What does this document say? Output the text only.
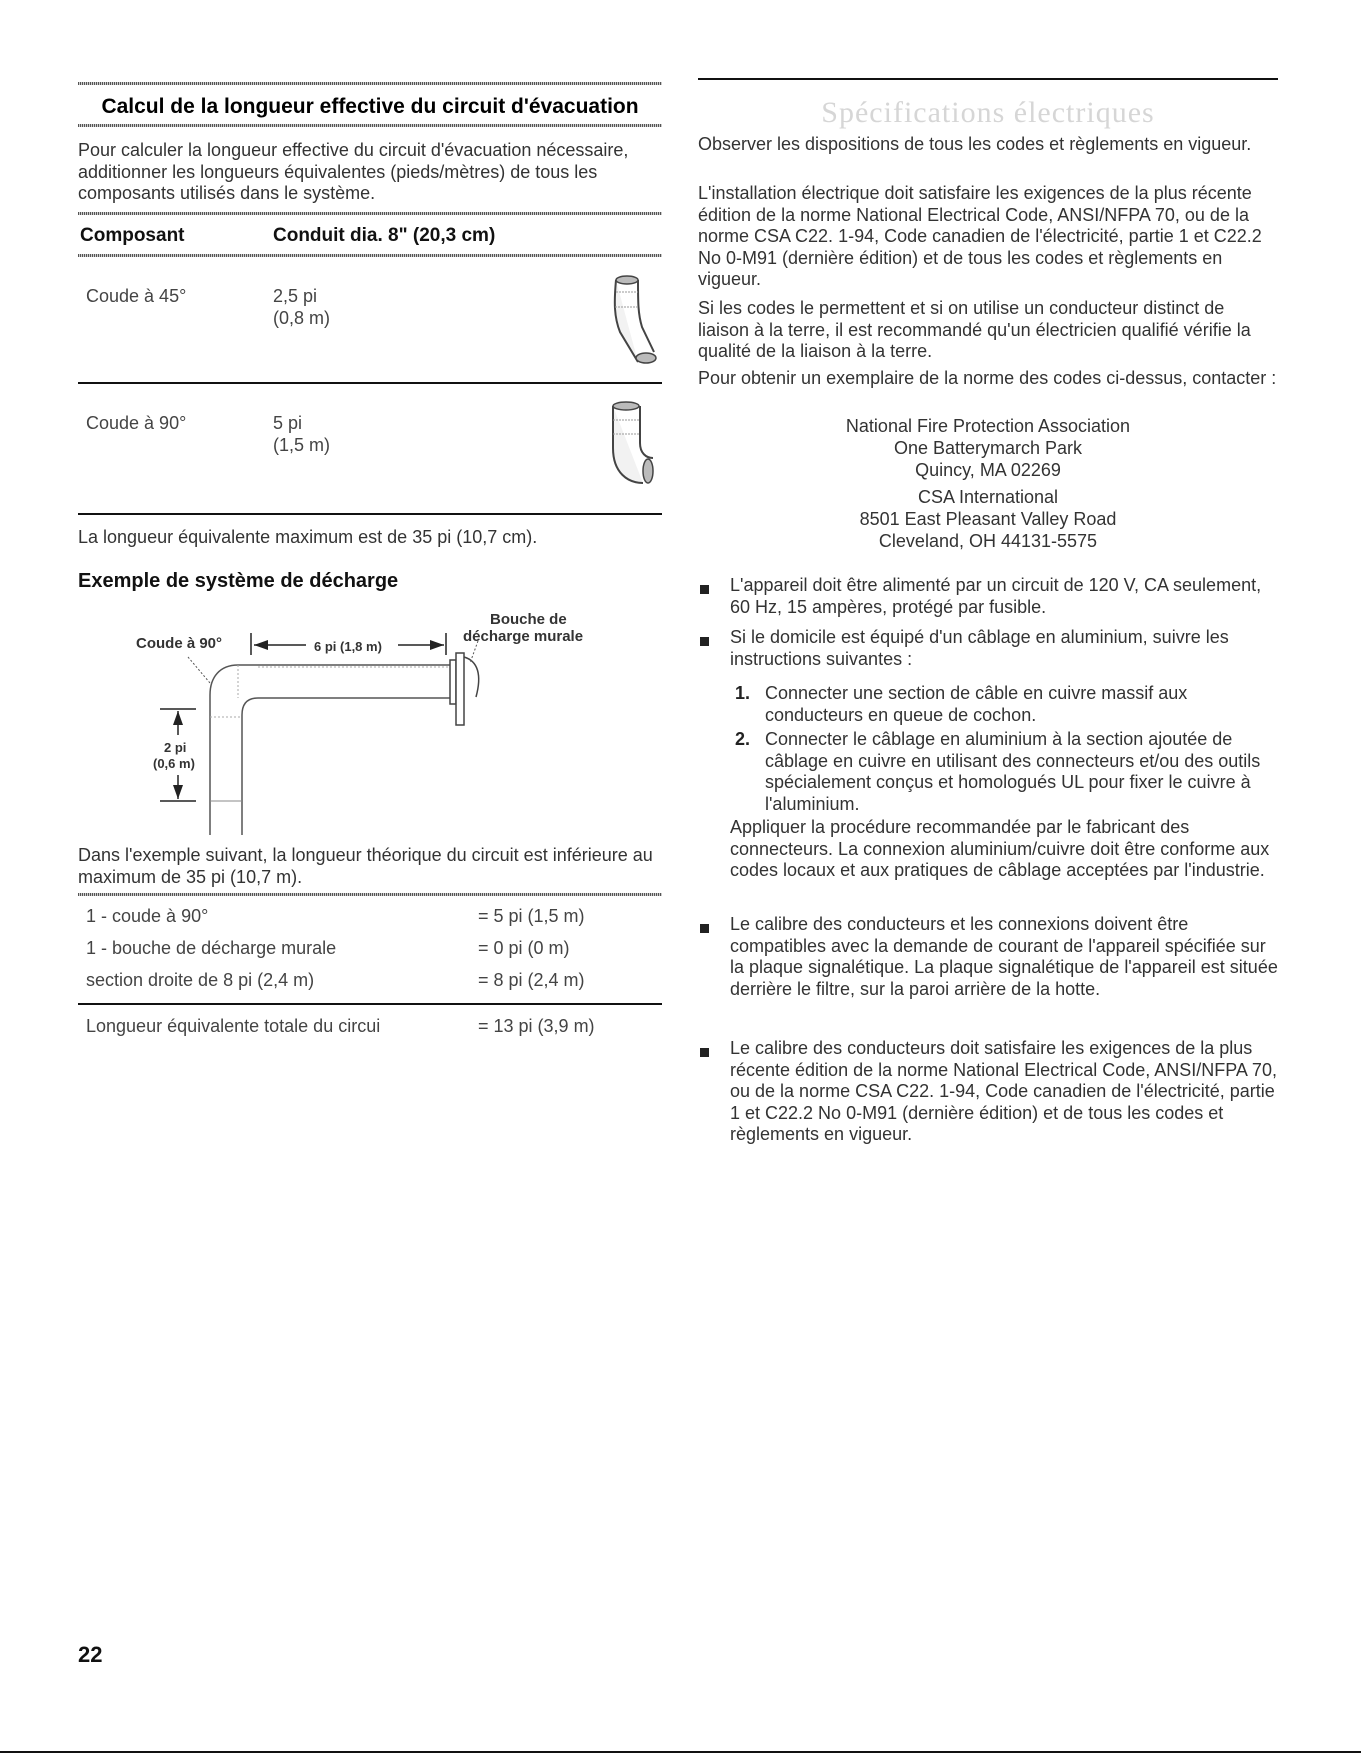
Calcul de la longueur effective du circuit d'évacuation
Pour calculer la longueur effective du circuit d'évacuation nécessaire, additionner les longueurs équivalentes (pieds/mètres) de tous les composants utilisés dans le système.
Composant	Conduit dia. 8" (20,3 cm)
Coude à 45°	2,5 pi
(0,8 m)
Coude à 90°	5 pi
(1,5 m)
La longueur équivalente maximum est de 35 pi (10,7 cm).
Exemple de système de décharge
Coude à 90°	6 pi (1,8 m)
Bouche de
décharge murale
2 pi
(0,6 m)
Dans l'exemple suivant, la longueur théorique du circuit est inférieure au maximum de 35 pi (10,7 m).
1 - coude à 90°	= 5 pi (1,5 m)
1 - bouche de décharge murale	= 0 pi (0 m)
section droite de 8 pi (2,4 m)	= 8 pi (2,4 m)
Longueur équivalente totale du circui	= 13 pi (3,9 m)
Spécifications électriques
Observer les dispositions de tous les codes et règlements en vigueur.
L'installation électrique doit satisfaire les exigences de la plus récente édition de la norme National Electrical Code, ANSI/NFPA 70, ou de la norme CSA C22. 1-94, Code canadien de l'électricité, partie 1 et C22.2 No 0-M91 (dernière édition) et de tous les codes et règlements en vigueur.
Si les codes le permettent et si on utilise un conducteur distinct de liaison à la terre, il est recommandé qu'un électricien qualifié vérifie la qualité de la liaison à la terre.
Pour obtenir un exemplaire de la norme des codes ci-dessus, contacter :
National Fire Protection Association
One Batterymarch Park
Quincy, MA 02269
CSA International
8501 East Pleasant Valley Road
Cleveland, OH 44131-5575
L'appareil doit être alimenté par un circuit de 120 V, CA seulement, 60 Hz, 15 ampères, protégé par fusible.
Si le domicile est équipé d'un câblage en aluminium, suivre les instructions suivantes :
1. Connecter une section de câble en cuivre massif aux conducteurs en queue de cochon.
2. Connecter le câblage en aluminium à la section ajoutée de câblage en cuivre en utilisant des connecteurs et/ou des outils spécialement conçus et homologués UL pour fixer le cuivre à l'aluminium.
Appliquer la procédure recommandée par le fabricant des connecteurs. La connexion aluminium/cuivre doit être conforme aux codes locaux et aux pratiques de câblage acceptées par l'industrie.
Le calibre des conducteurs et les connexions doivent être compatibles avec la demande de courant de l'appareil spécifiée sur la plaque signalétique. La plaque signalétique de l'appareil est située derrière le filtre, sur la paroi arrière de la hotte.
Le calibre des conducteurs doit satisfaire les exigences de la plus récente édition de la norme National Electrical Code, ANSI/NFPA 70, ou de la norme CSA C22. 1-94, Code canadien de l'électricité, partie 1 et C22.2 No 0-M91 (dernière édition) et de tous les codes et règlements en vigueur.
22
